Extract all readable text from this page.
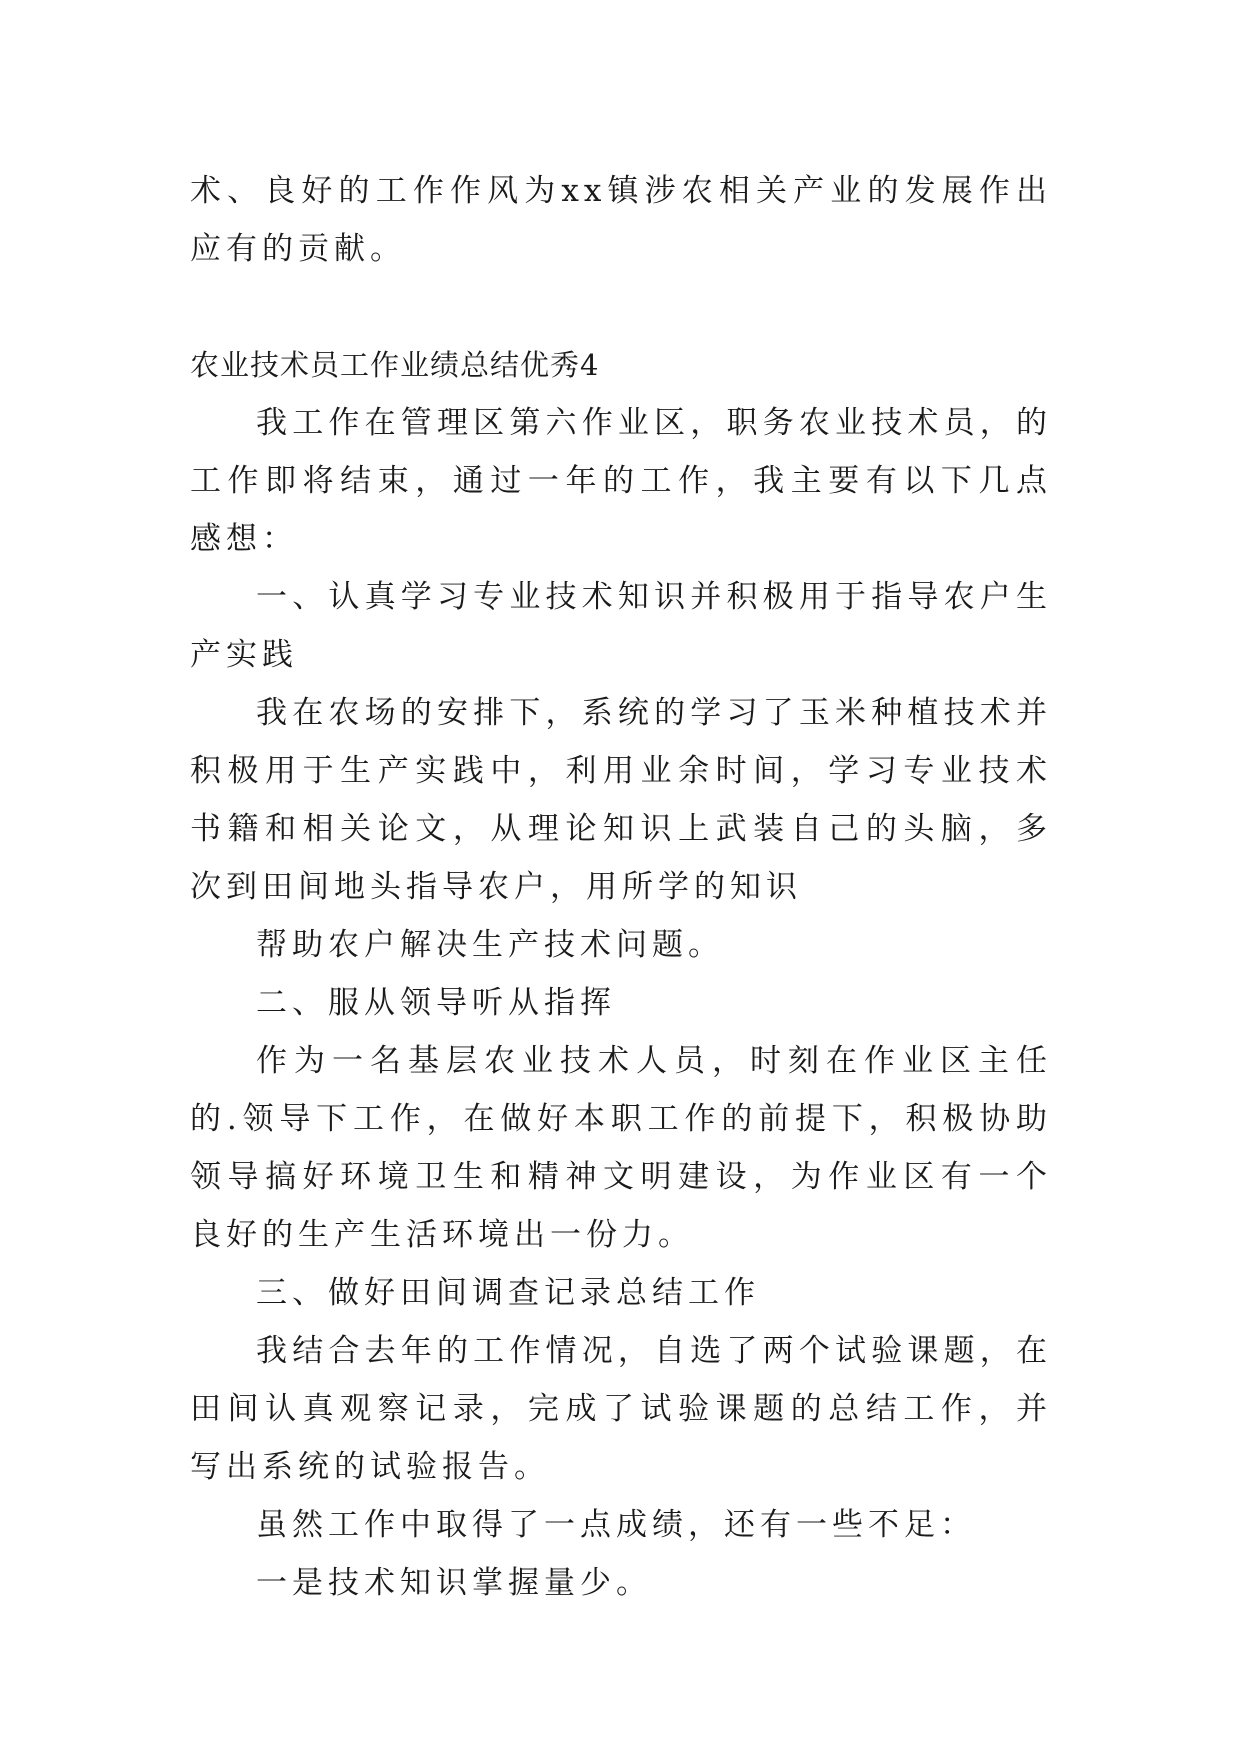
术、良好的工作作风为xx镇涉农相关产业的发展作出应有的贡献。

农业技术员工作业绩总结优秀4

我工作在管理区第六作业区，职务农业技术员，的工作即将结束，通过一年的工作，我主要有以下几点感想：

一、认真学习专业技术知识并积极用于指导农户生产实践

我在农场的安排下，系统的学习了玉米种植技术并积极用于生产实践中，利用业余时间，学习专业技术书籍和相关论文，从理论知识上武装自己的头脑，多次到田间地头指导农户，用所学的知识

帮助农户解决生产技术问题。

二、服从领导听从指挥

作为一名基层农业技术人员，时刻在作业区主任的.领导下工作，在做好本职工作的前提下，积极协助领导搞好环境卫生和精神文明建设，为作业区有一个良好的生产生活环境出一份力。

三、做好田间调查记录总结工作

我结合去年的工作情况，自选了两个试验课题，在田间认真观察记录，完成了试验课题的总结工作，并写出系统的试验报告。

虽然工作中取得了一点成绩，还有一些不足：

一是技术知识掌握量少。
